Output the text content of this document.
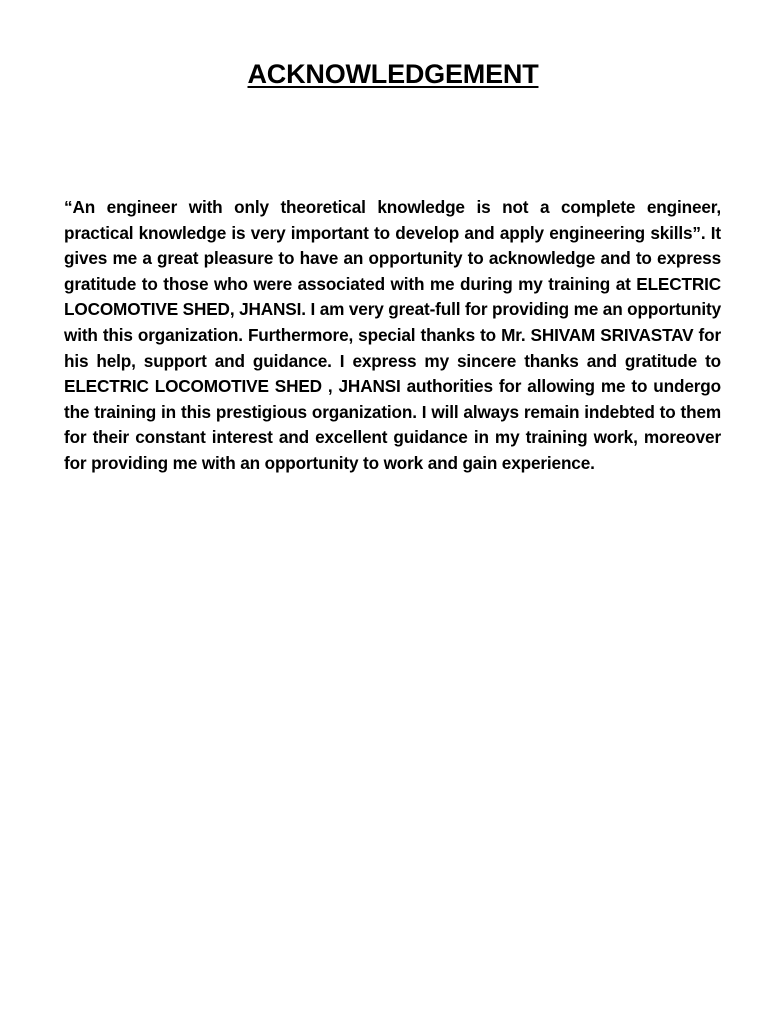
ACKNOWLEDGEMENT

“An engineer with only theoretical knowledge is not a complete engineer, practical knowledge is very important to develop and apply engineering skills”. It gives me a great pleasure to have an opportunity to acknowledge and to express gratitude to those who were associated with me during my training at ELECTRIC LOCOMOTIVE SHED, JHANSI. I am very great-full for providing me an opportunity with this organization. Furthermore, special thanks to Mr. SHIVAM SRIVASTAV for his help, support and guidance. I express my sincere thanks and gratitude to ELECTRIC LOCOMOTIVE SHED , JHANSI authorities for allowing me to undergo the training in this prestigious organization. I will always remain indebted to them for their constant interest and excellent guidance in my training work, moreover for providing me with an opportunity to work and gain experience.
